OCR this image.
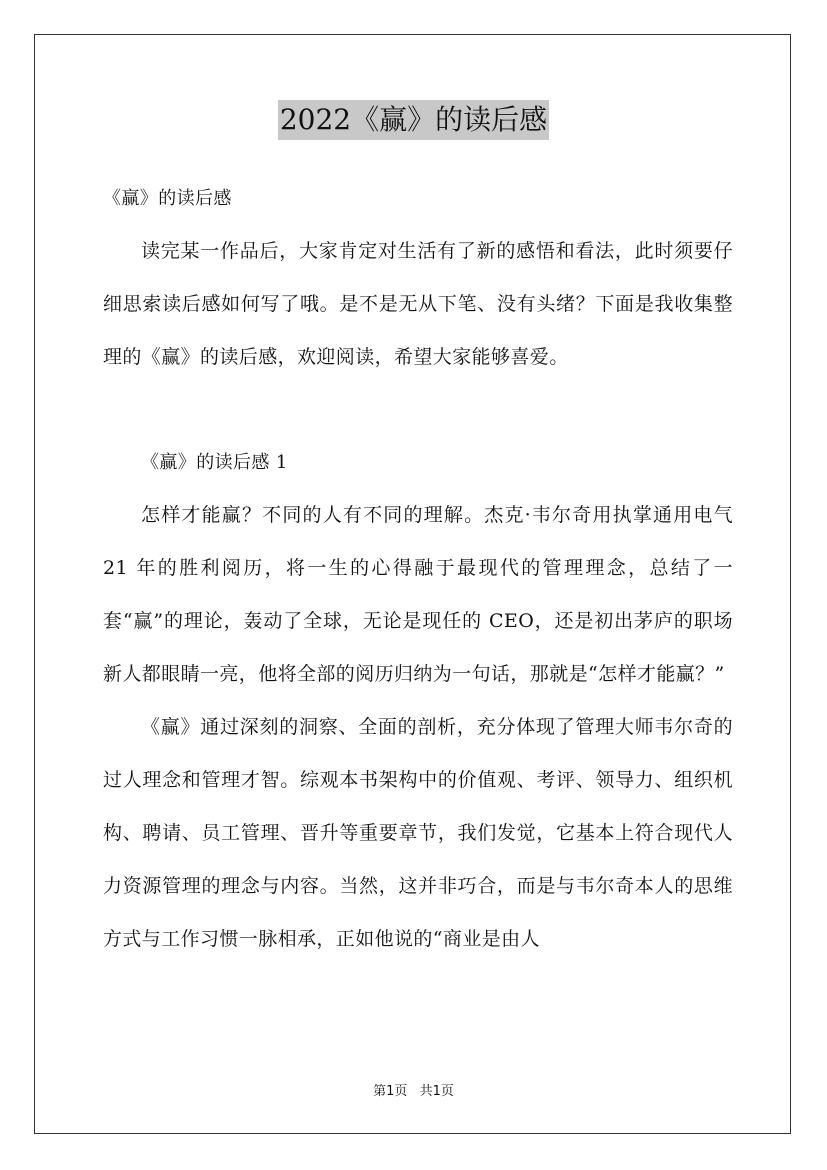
2022《赢》的读后感

《赢》的读后感

读完某一作品后，大家肯定对生活有了新的感悟和看法，此时须要仔细思索读后感如何写了哦。是不是无从下笔、没有头绪？下面是我收集整理的《赢》的读后感，欢迎阅读，希望大家能够喜爱。

《赢》的读后感 1

怎样才能赢？不同的人有不同的理解。杰克·韦尔奇用执掌通用电气 21 年的胜利阅历，将一生的心得融于最现代的管理理念，总结了一套“赢”的理论，轰动了全球，无论是现任的 CEO，还是初出茅庐的职场新人都眼睛一亮，他将全部的阅历归纳为一句话，那就是“怎样才能赢？”

《赢》通过深刻的洞察、全面的剖析，充分体现了管理大师韦尔奇的过人理念和管理才智。综观本书架构中的价值观、考评、领导力、组织机构、聘请、员工管理、晋升等重要章节，我们发觉，它基本上符合现代人力资源管理的理念与内容。当然，这并非巧合，而是与韦尔奇本人的思维方式与工作习惯一脉相承，正如他说的“商业是由人

第1页 共1页
